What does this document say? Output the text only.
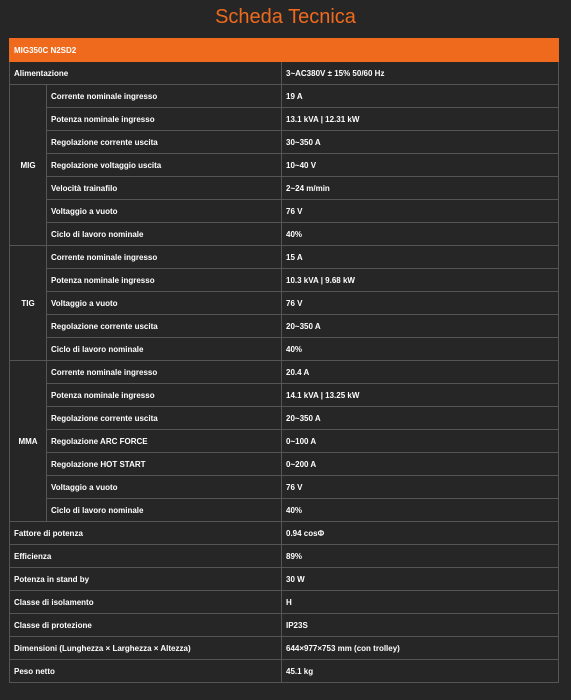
Scheda Tecnica
MIG350C N2SD2		
Alimentazione		3~AC380V ± 15% 50/60 Hz
MIG	Corrente nominale ingresso	19 A
	Potenza nominale ingresso	13.1 kVA | 12.31 kW
	Regolazione corrente uscita	30~350 A
	Regolazione voltaggio uscita	10~40 V
	Velocità trainafilo	2~24 m/min
	Voltaggio a vuoto	76 V
	Ciclo di lavoro nominale	40%
TIG	Corrente nominale ingresso	15 A
	Potenza nominale ingresso	10.3 kVA | 9.68 kW
	Voltaggio a vuoto	76 V
	Regolazione corrente uscita	20~350 A
	Ciclo di lavoro nominale	40%
MMA	Corrente nominale ingresso	20.4 A
	Potenza nominale ingresso	14.1 kVA | 13.25 kW
	Regolazione corrente uscita	20~350 A
	Regolazione ARC FORCE	0~100 A
	Regolazione HOT START	0~200 A
	Voltaggio a vuoto	76 V
	Ciclo di lavoro nominale	40%
Fattore di potenza		0.94 cosΦ
Efficienza		89%
Potenza in stand by		30 W
Classe di isolamento		H
Classe di protezione		IP23S
Dimensioni (Lunghezza × Larghezza × Altezza)		644×977×753 mm (con trolley)
Peso netto		45.1 kg
